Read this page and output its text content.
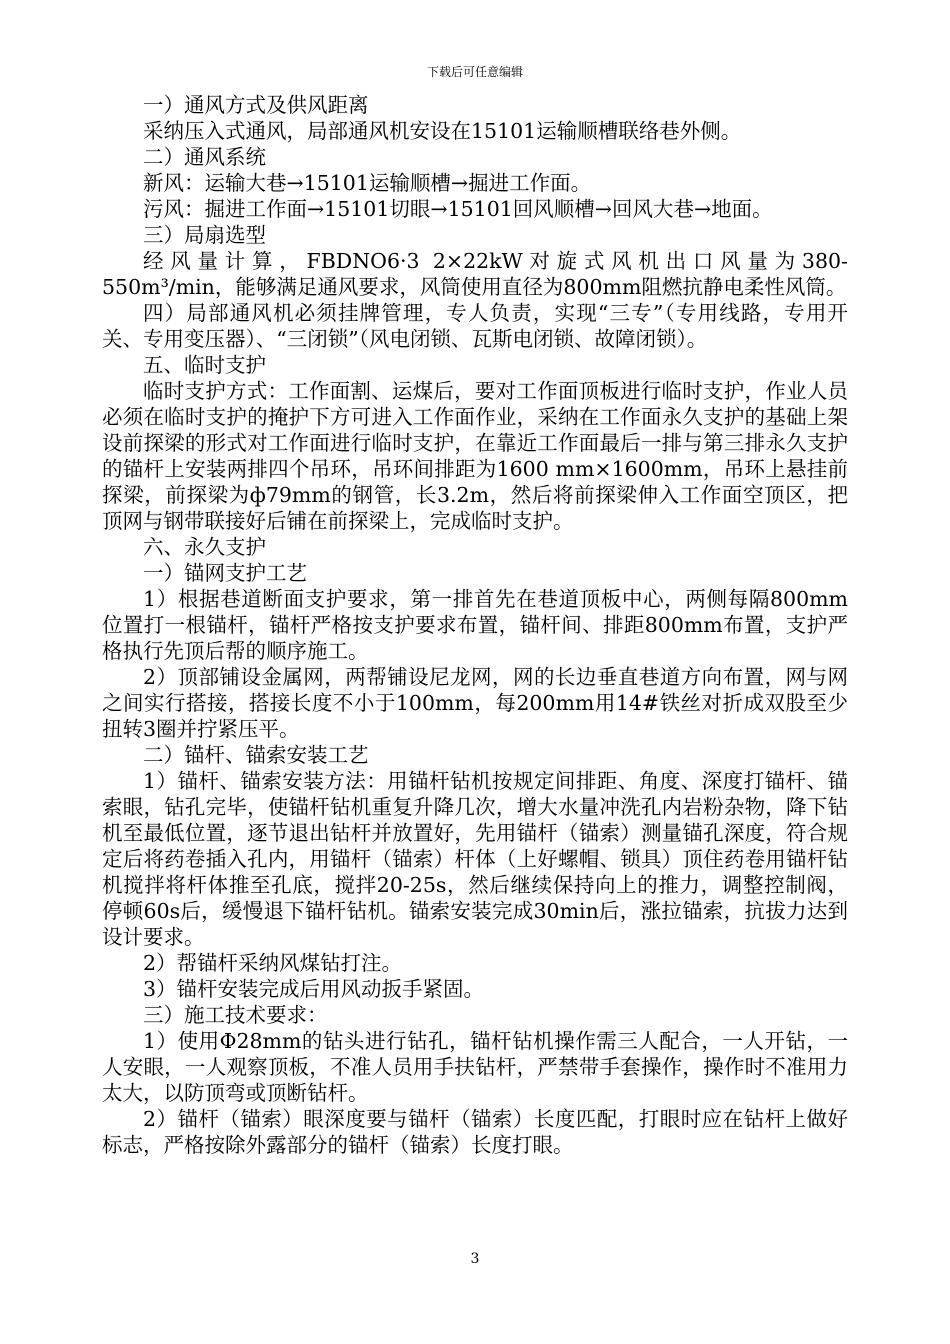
下载后可任意编辑

一）通风方式及供风距离

采纳压入式通风，局部通风机安设在15101运输顺槽联络巷外侧。

二）通风系统

新风：运输大巷→15101运输顺槽→掘进工作面。

污风：掘进工作面→15101切眼→15101回风顺槽→回风大巷→地面。

三）局扇选型

经风量计算，FBDNO6·3 2×22kW对旋式风机出口风量为380-550m³/min，能够满足通风要求，风筒使用直径为800mm阻燃抗静电柔性风筒。

四）局部通风机必须挂牌管理，专人负责，实现“三专”（专用线路，专用开关、专用变压器）、“三闭锁”（风电闭锁、瓦斯电闭锁、故障闭锁）。

五、临时支护

临时支护方式：工作面割、运煤后，要对工作面顶板进行临时支护，作业人员必须在临时支护的掩护下方可进入工作面作业，采纳在工作面永久支护的基础上架设前探梁的形式对工作面进行临时支护，在靠近工作面最后一排与第三排永久支护的锚杆上安装两排四个吊环，吊环间排距为1600 mm×1600mm，吊环上悬挂前探梁，前探梁为ф79mm的钢管，长3.2m，然后将前探梁伸入工作面空顶区，把顶网与钢带联接好后铺在前探梁上，完成临时支护。

六、永久支护

一）锚网支护工艺

1）根据巷道断面支护要求，第一排首先在巷道顶板中心，两侧每隔800mm位置打一根锚杆，锚杆严格按支护要求布置，锚杆间、排距800mm布置，支护严格执行先顶后帮的顺序施工。

2）顶部铺设金属网，两帮铺设尼龙网，网的长边垂直巷道方向布置，网与网之间实行搭接，搭接长度不小于100mm，每200mm用14#铁丝对折成双股至少扭转3圈并拧紧压平。

二）锚杆、锚索安装工艺

1）锚杆、锚索安装方法：用锚杆钻机按规定间排距、角度、深度打锚杆、锚索眼，钻孔完毕，使锚杆钻机重复升降几次，增大水量冲洗孔内岩粉杂物，降下钻机至最低位置，逐节退出钻杆并放置好，先用锚杆（锚索）测量锚孔深度，符合规定后将药卷插入孔内，用锚杆（锚索）杆体（上好螺帽、锁具）顶住药卷用锚杆钻机搅拌将杆体推至孔底，搅拌20-25s，然后继续保持向上的推力，调整控制阀，停顿60s后，缓慢退下锚杆钻机。锚索安装完成30min后，涨拉锚索，抗拔力达到设计要求。

2）帮锚杆采纳风煤钻打注。

3）锚杆安装完成后用风动扳手紧固。

三）施工技术要求：

1）使用Φ28mm的钻头进行钻孔，锚杆钻机操作需三人配合，一人开钻，一人安眼，一人观察顶板，不准人员用手扶钻杆，严禁带手套操作，操作时不准用力太大，以防顶弯或顶断钻杆。

2）锚杆（锚索）眼深度要与锚杆（锚索）长度匹配，打眼时应在钻杆上做好标志，严格按除外露部分的锚杆（锚索）长度打眼。

3
